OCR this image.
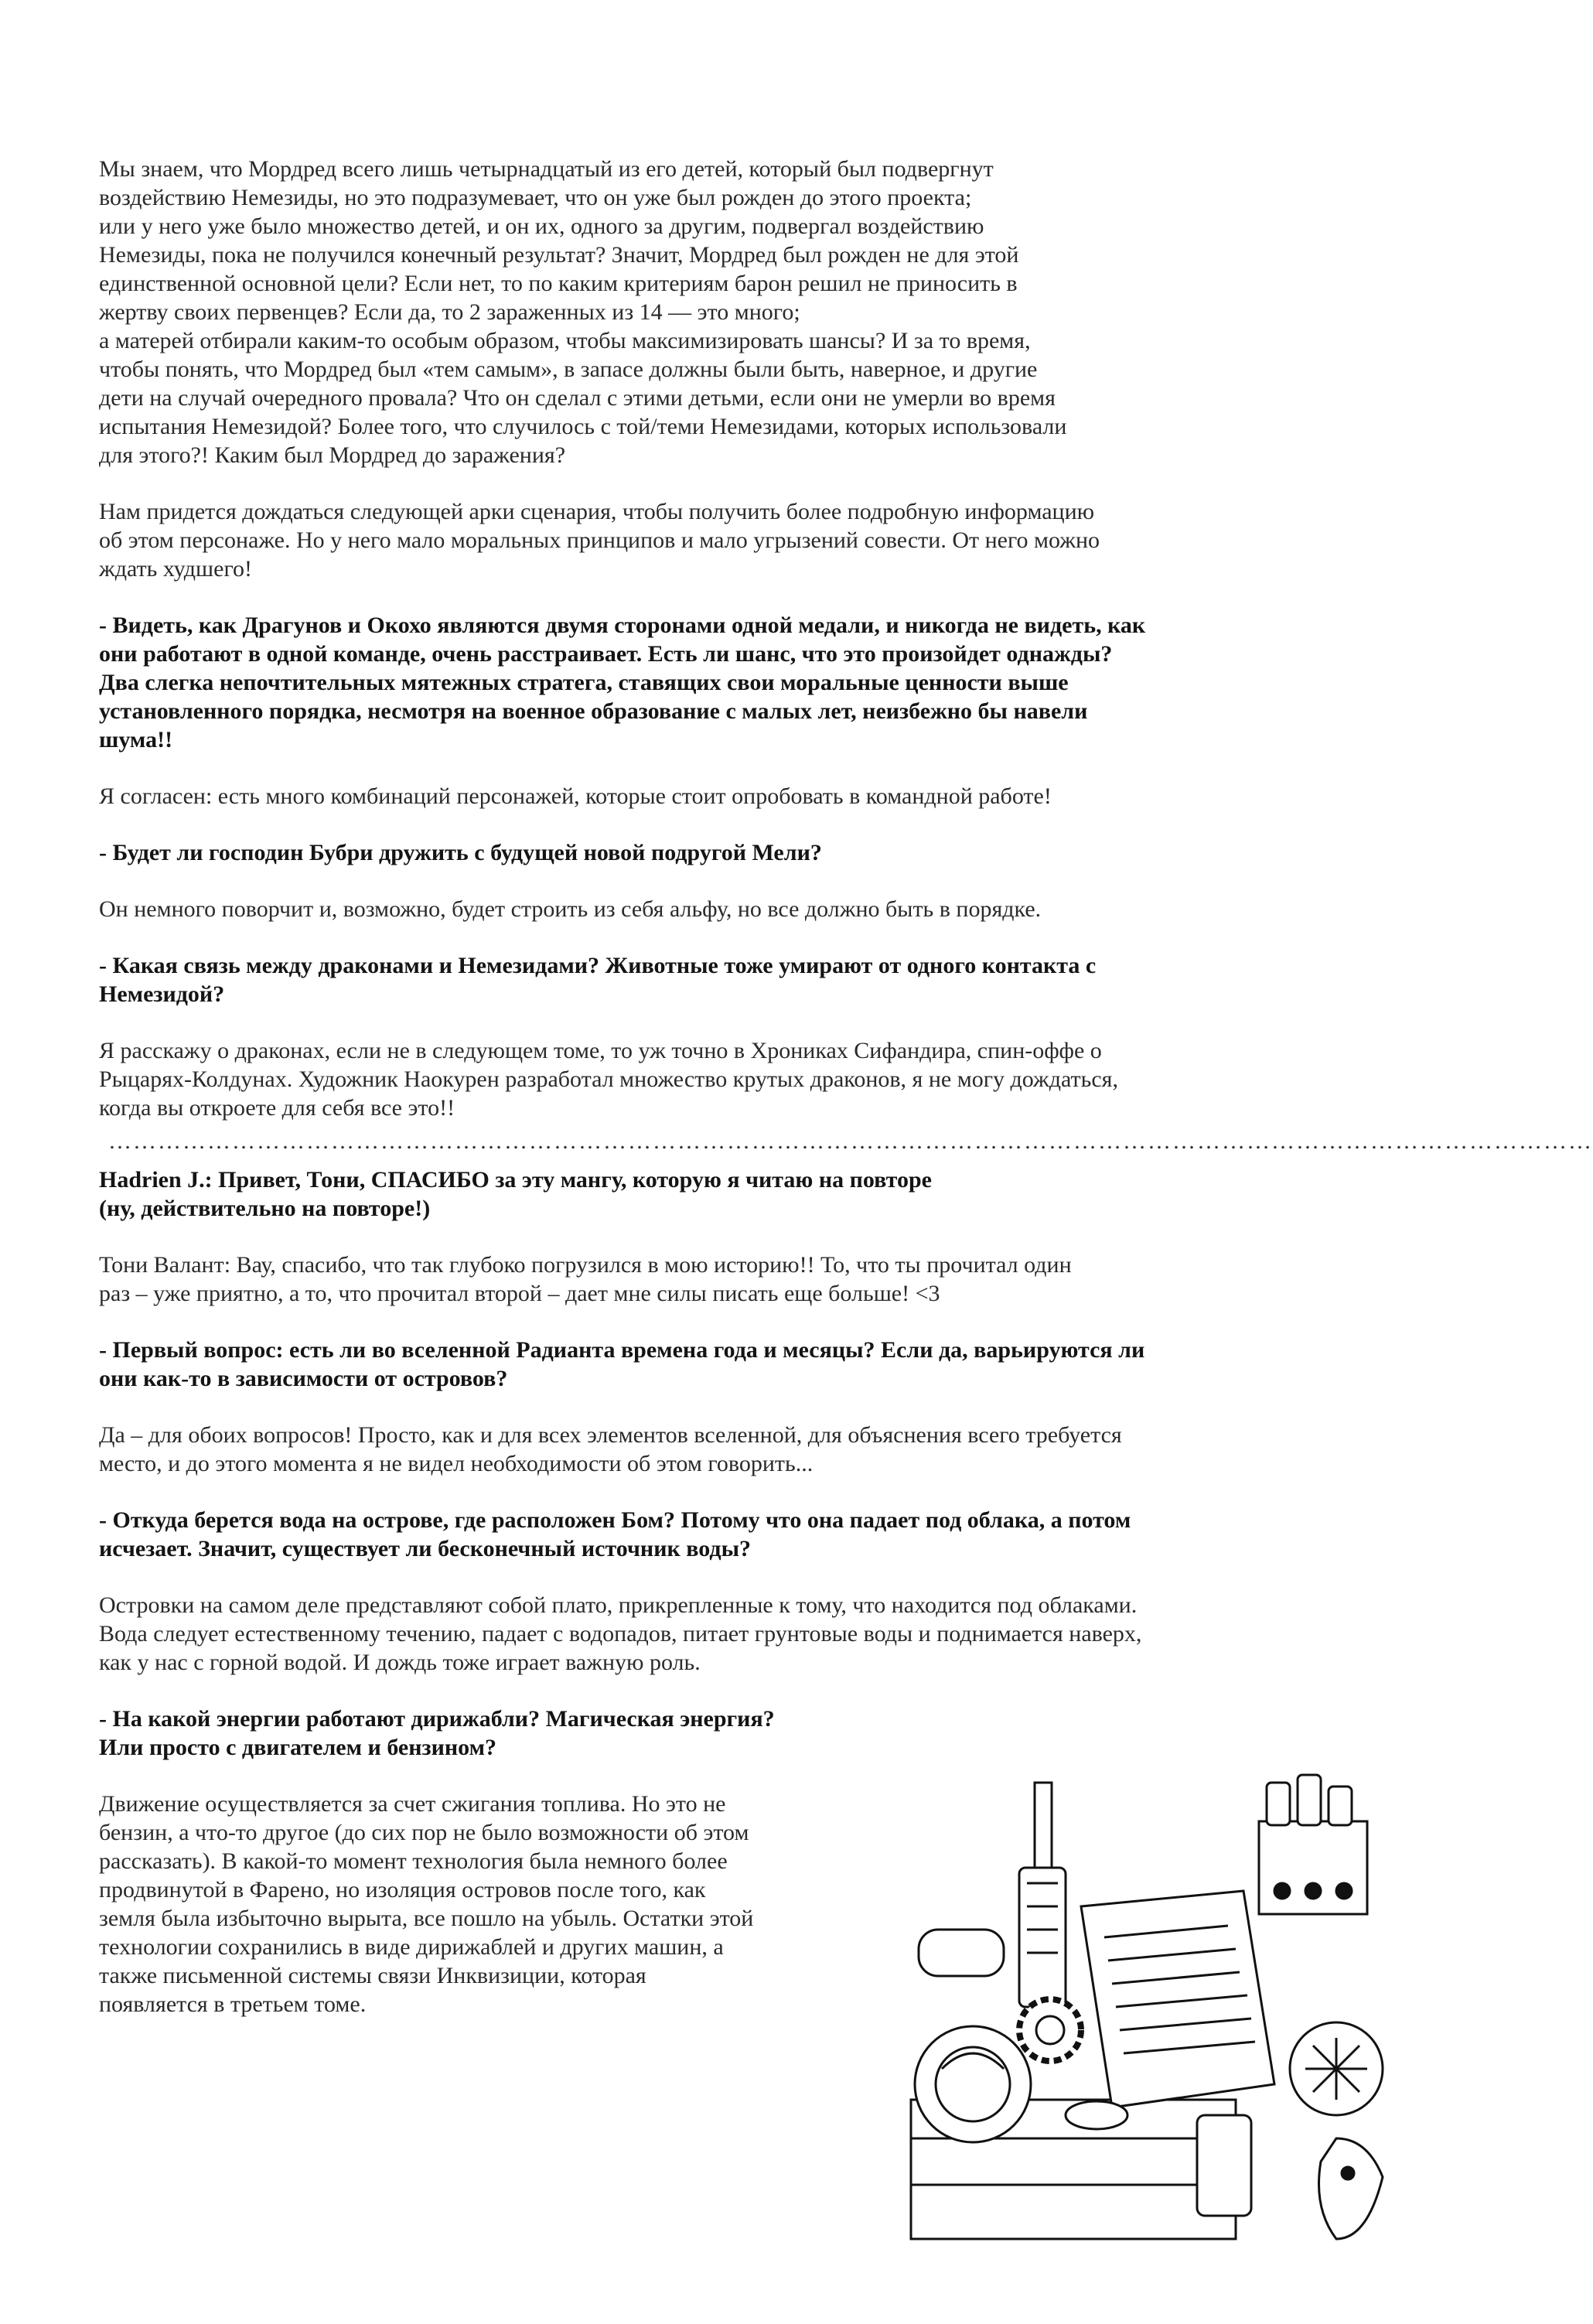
Мы знаем, что Мордред всего лишь четырнадцатый из его детей, который был подвергнут
воздействию Немезиды, но это подразумевает, что он уже был рожден до этого проекта;
или у него уже было множество детей, и он их, одного за другим, подвергал воздействию
Немезиды, пока не получился конечный результат? Значит, Мордред был рожден не для этой
единственной основной цели? Если нет, то по каким критериям барон решил не приносить в
жертву своих первенцев? Если да, то 2 зараженных из 14 — это много;
а матерей отбирали каким-то особым образом, чтобы максимизировать шансы? И за то время,
чтобы понять, что Мордред был «тем самым», в запасе должны были быть, наверное, и другие
дети на случай очередного провала? Что он сделал с этими детьми, если они не умерли во время
испытания Немезидой? Более того, что случилось с той/теми Немезидами, которых использовали
для этого?! Каким был Мордред до заражения?

Нам придется дождаться следующей арки сценария, чтобы получить более подробную информацию
об этом персонаже. Но у него мало моральных принципов и мало угрызений совести. От него можно
ждать худшего!

- Видеть, как Драгунов и Окохо являются двумя сторонами одной медали, и никогда не видеть, как
они работают в одной команде, очень расстраивает. Есть ли шанс, что это произойдет однажды?
Два слегка непочтительных мятежных стратега, ставящих свои моральные ценности выше
установленного порядка, несмотря на военное образование с малых лет, неизбежно бы навели
шума!!

Я согласен: есть много комбинаций персонажей, которые стоит опробовать в командной работе!

- Будет ли господин Бубри дружить с будущей новой подругой Мели?

Он немного поворчит и, возможно, будет строить из себя альфу, но все должно быть в порядке.

- Какая связь между драконами и Немезидами? Животные тоже умирают от одного контакта с
Немезидой?

Я расскажу о драконах, если не в следующем томе, то уж точно в Хрониках Сифандира, спин-оффе о
Рыцарях-Колдунах. Художник Наокурен разработал множество крутых драконов, я не могу дождаться,
когда вы откроете для себя все это!!

………………………………………………………………………………………………………………………………………………………………

Hadrien J.: Привет, Тони, СПАСИБО за эту мангу, которую я читаю на повторе
(ну, действительно на повторе!)

Тони Валант: Вау, спасибо, что так глубоко погрузился в мою историю!! То, что ты прочитал один
раз – уже приятно, а то, что прочитал второй – дает мне силы писать еще больше! <3

- Первый вопрос: есть ли во вселенной Радианта времена года и месяцы? Если да, варьируются ли
они как-то в зависимости от островов?

Да – для обоих вопросов! Просто, как и для всех элементов вселенной, для объяснения всего требуется
место, и до этого момента я не видел необходимости об этом говорить...

- Откуда берется вода на острове, где расположен Бом? Потому что она падает под облака, а потом
исчезает. Значит, существует ли бесконечный источник воды?

Островки на самом деле представляют собой плато, прикрепленные к тому, что находится под облаками.
Вода следует естественному течению, падает с водопадов, питает грунтовые воды и поднимается наверх,
как у нас с горной водой. И дождь тоже играет важную роль.

- На какой энергии работают дирижабли? Магическая энергия?
Или просто с двигателем и бензином?

Движение осуществляется за счет сжигания топлива. Но это не
бензин, а что-то другое (до сих пор не было возможности об этом
рассказать). В какой-то момент технология была немного более
продвинутой в Фарено, но изоляция островов после того, как
земля была избыточно вырыта, все пошло на убыль. Остатки этой
технологии сохранились в виде дирижаблей и других машин, а
также письменной системы связи Инквизиции, которая
появляется в третьем томе.
